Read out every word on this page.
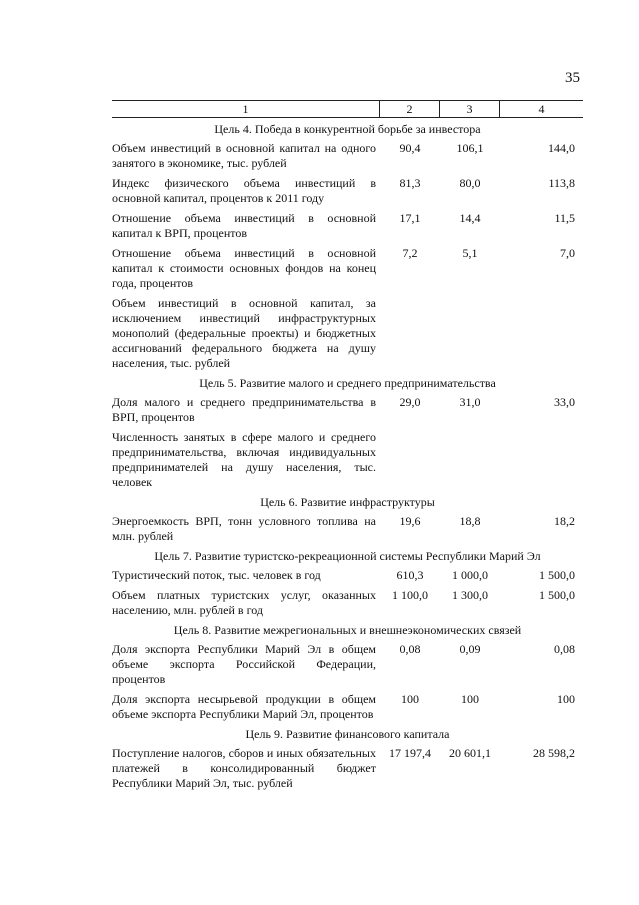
35
1	2	3	4
Цель 4. Победа в конкурентной борьбе за инвестора
Объем инвестиций в основной капитал на одного занятого в экономике, тыс. рублей
90,4	106,1	144,0
Индекс физического объема инвестиций в основной капитал, процентов к 2011 году
81,3	80,0	113,8
Отношение объема инвестиций в основной капитал к ВРП, процентов
17,1	14,4	11,5
Отношение объема инвестиций в основной капитал к стоимости основных фондов на конец года, процентов
7,2	5,1	7,0
Объем инвестиций в основной капитал, за исключением инвестиций инфраструктурных монополий (федеральные проекты) и бюджетных ассигнований федерального бюджета на душу населения, тыс. рублей
Цель 5. Развитие малого и среднего предпринимательства
Доля малого и среднего предпринимательства в ВРП, процентов
29,0	31,0	33,0
Численность занятых в сфере малого и среднего предпринимательства, включая индивидуальных предпринимателей на душу населения, тыс. человек
Цель 6. Развитие инфраструктуры
Энергоемкость ВРП, тонн условного топлива на млн. рублей
19,6	18,8	18,2
Цель 7. Развитие туристско-рекреационной системы Республики Марий Эл
Туристический поток, тыс. человек в год	610,3	1 000,0	1 500,0
Объем платных туристских услуг, оказанных населению, млн. рублей в год
1 100,0	1 300,0	1 500,0
Цель 8. Развитие межрегиональных и внешнеэкономических связей
Доля экспорта Республики Марий Эл в общем объеме экспорта Российской Федерации, процентов
0,08	0,09	0,08
Доля экспорта несырьевой продукции в общем объеме экспорта Республики Марий Эл, процентов
100	100	100
Цель 9. Развитие финансового капитала
Поступление налогов, сборов и иных обязательных платежей в консолидированный бюджет Республики Марий Эл, тыс. рублей
17 197,4	20 601,1	28 598,2
